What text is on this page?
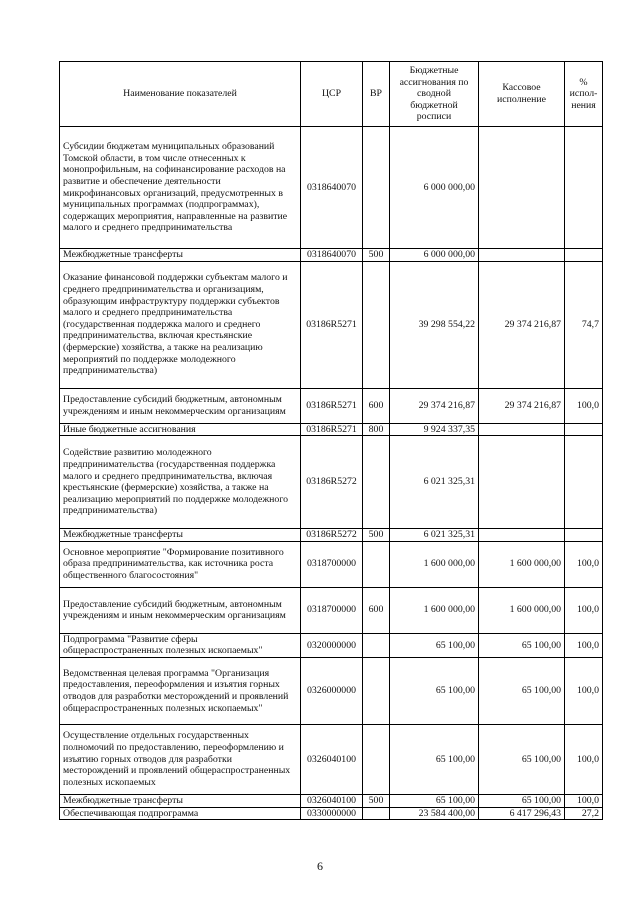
Наименование показателей	ЦСР	ВР	Бюджетные ассигнования по сводной бюджетной росписи	Кассовое исполнение	% испол-нения
Субсидии бюджетам муниципальных образований Томской области, в том числе отнесенных к монопрофильным, на софинансирование расходов на развитие и обеспечение деятельности микрофинансовых организаций, предусмотренных в муниципальных программах (подпрограммах), содержащих мероприятия, направленные на развитие малого и среднего предпринимательства	0318640070		6 000 000,00		
Межбюджетные трансферты	0318640070	500	6 000 000,00		
Оказание финансовой поддержки субъектам малого и среднего предпринимательства и организациям, образующим инфраструктуру поддержки субъектов малого и среднего предпринимательства (государственная поддержка малого и среднего предпринимательства, включая крестьянские (фермерские) хозяйства, а также на реализацию мероприятий по поддержке молодежного предпринимательства)	03186R5271		39 298 554,22	29 374 216,87	74,7
Предоставление субсидий бюджетным, автономным учреждениям и иным некоммерческим организациям	03186R5271	600	29 374 216,87	29 374 216,87	100,0
Иные бюджетные ассигнования	03186R5271	800	9 924 337,35		
Содействие развитию молодежного предпринимательства (государственная поддержка малого и среднего предпринимательства, включая крестьянские (фермерские) хозяйства, а также на реализацию мероприятий по поддержке молодежного предпринимательства)	03186R5272		6 021 325,31		
Межбюджетные трансферты	03186R5272	500	6 021 325,31		
Основное мероприятие "Формирование позитивного образа предпринимательства, как источника роста общественного благосостояния"	0318700000		1 600 000,00	1 600 000,00	100,0
Предоставление субсидий бюджетным, автономным учреждениям и иным некоммерческим организациям	0318700000	600	1 600 000,00	1 600 000,00	100,0
Подпрограмма "Развитие сферы общераспространенных полезных ископаемых"	0320000000		65 100,00	65 100,00	100,0
Ведомственная целевая программа "Организация предоставления, переоформления и изъятия горных отводов для разработки месторождений и проявлений общераспространенных полезных ископаемых"	0326000000		65 100,00	65 100,00	100,0
Осуществление отдельных государственных полномочий по предоставлению, переоформлению и изъятию горных отводов для разработки месторождений и проявлений общераспространенных полезных ископаемых	0326040100		65 100,00	65 100,00	100,0
Межбюджетные трансферты	0326040100	500	65 100,00	65 100,00	100,0
Обеспечивающая подпрограмма	0330000000		23 584 400,00	6 417 296,43	27,2
6
